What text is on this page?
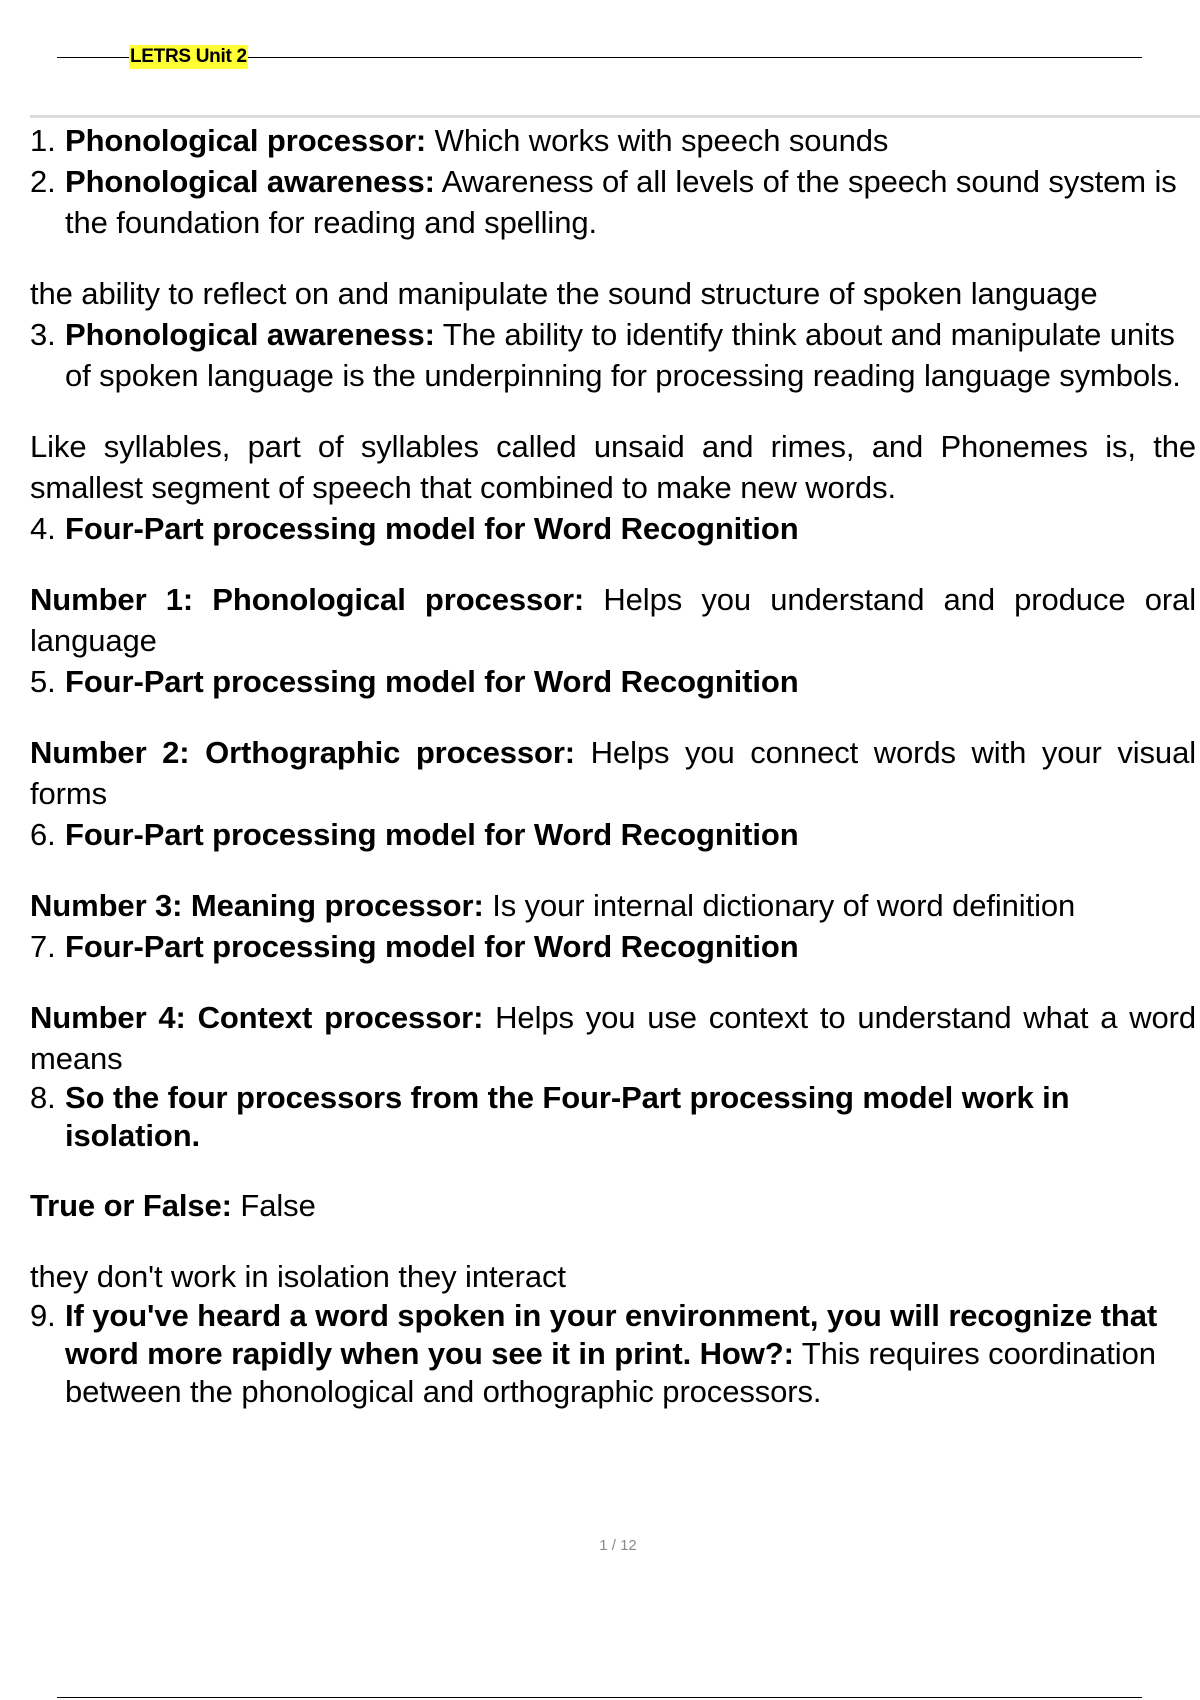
LETRS Unit 2
1. Phonological processor: Which works with speech sounds
2. Phonological awareness: Awareness of all levels of the speech sound system is the foundation for reading and spelling.
the ability to reflect on and manipulate the sound structure of spoken language
3. Phonological awareness: The ability to identify think about and manipulate units of spoken language is the underpinning for processing reading language symbols.
Like syllables, part of syllables called unsaid and rimes, and Phonemes is, the smallest segment of speech that combined to make new words.
4. Four-Part processing model for Word Recognition
Number 1: Phonological processor: Helps you understand and produce oral language
5. Four-Part processing model for Word Recognition
Number 2: Orthographic processor: Helps you connect words with your visual forms
6. Four-Part processing model for Word Recognition
Number 3: Meaning processor: Is your internal dictionary of word definition
7. Four-Part processing model for Word Recognition
Number 4: Context processor: Helps you use context to understand what a word means
8. So the four processors from the Four-Part processing model work in isolation.
True or False: False
they don't work in isolation they interact
9. If you've heard a word spoken in your environment, you will recognize that word more rapidly when you see it in print. How?: This requires coordination between the phonological and orthographic processors.
1 / 12
